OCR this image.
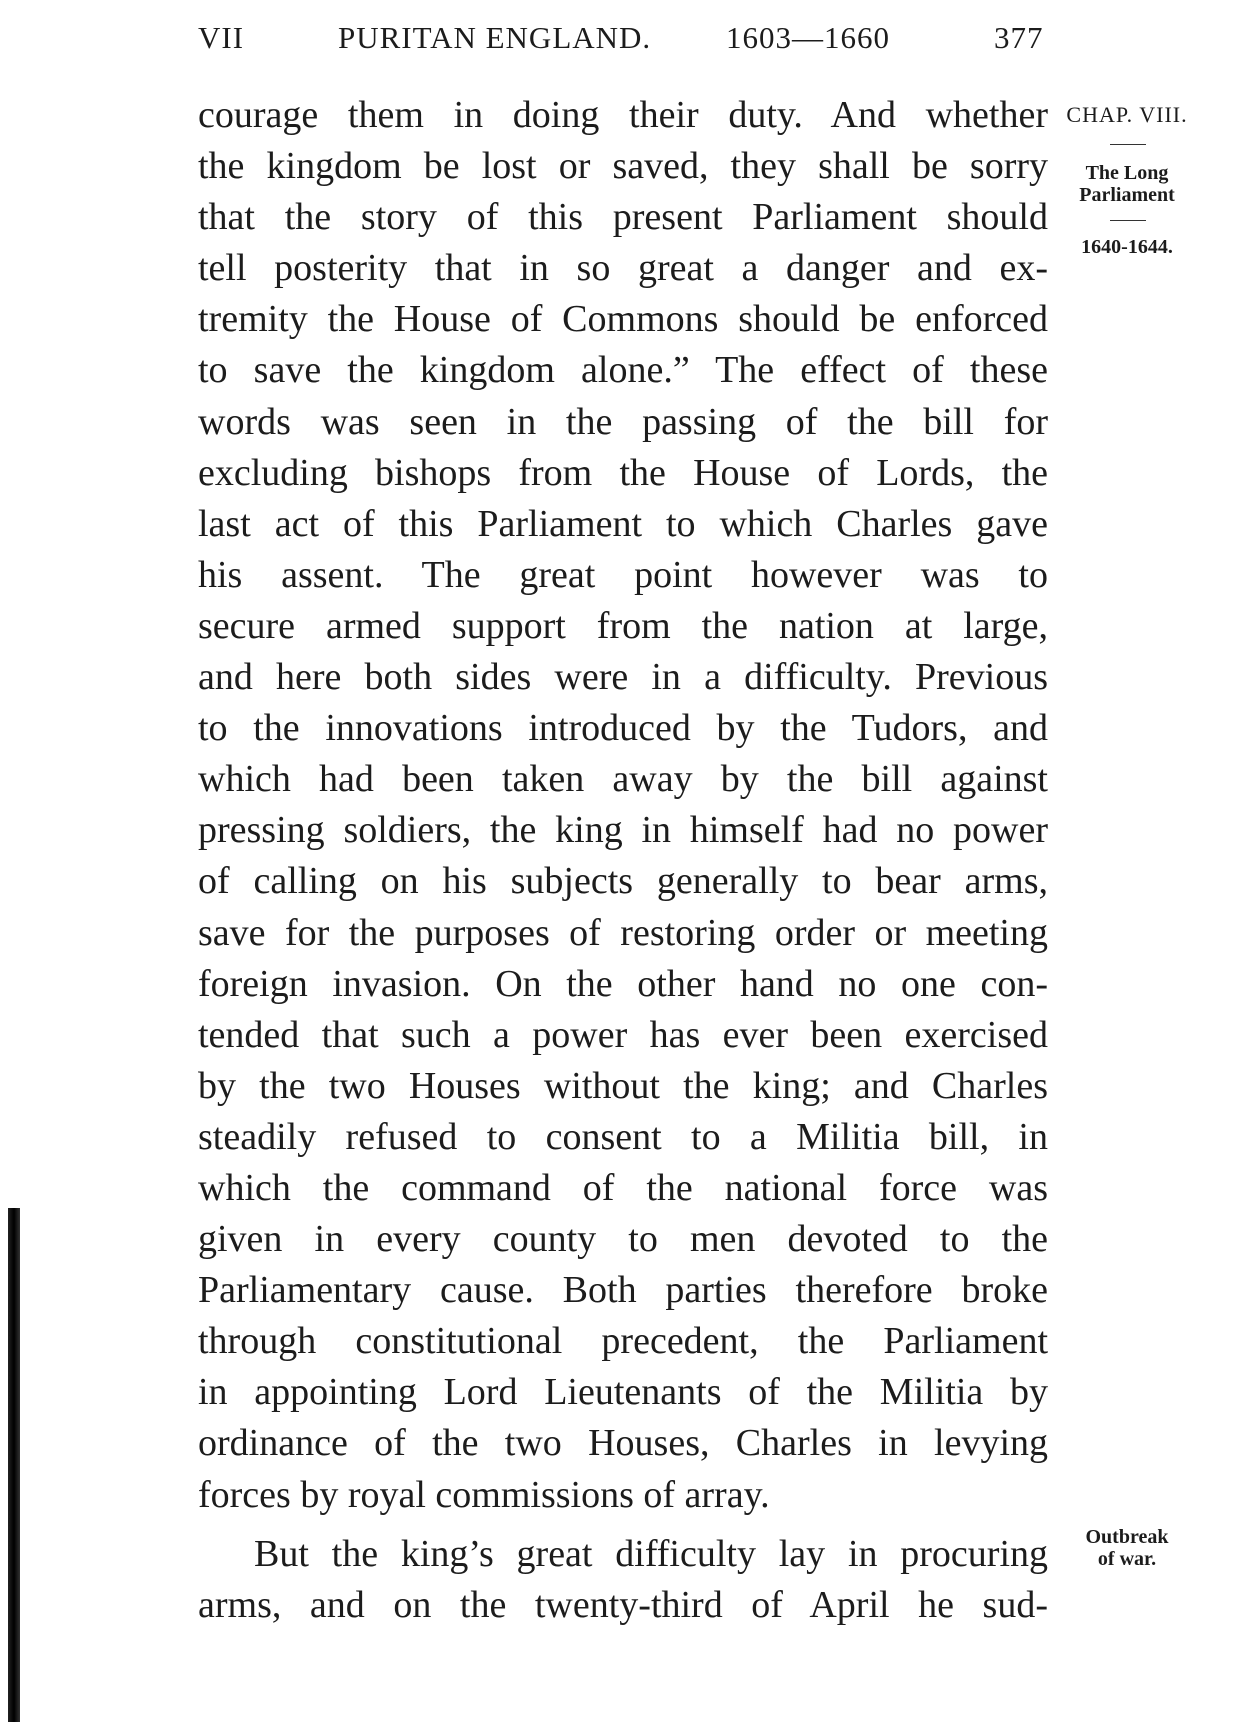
VII	PURITAN ENGLAND. 1603—1660	377
courage them in doing their duty. And whether
the kingdom be lost or saved, they shall be sorry
that the story of this present Parliament should
tell posterity that in so great a danger and ex-
tremity the House of Commons should be enforced
to save the kingdom alone.” The effect of these
words was seen in the passing of the bill for
excluding bishops from the House of Lords, the
last act of this Parliament to which Charles gave
his assent. The great point however was to
secure armed support from the nation at large,
and here both sides were in a difficulty. Previous
to the innovations introduced by the Tudors, and
which had been taken away by the bill against
pressing soldiers, the king in himself had no power
of calling on his subjects generally to bear arms,
save for the purposes of restoring order or meeting
foreign invasion. On the other hand no one con-
tended that such a power has ever been exercised
by the two Houses without the king; and Charles
steadily refused to consent to a Militia bill, in
which the command of the national force was
given in every county to men devoted to the
Parliamentary cause. Both parties therefore broke
through constitutional precedent, the Parliament
in appointing Lord Lieutenants of the Militia by
ordinance of the two Houses, Charles in levying
forces by royal commissions of array.
But the king’s great difficulty lay in procuring
arms, and on the twenty-third of April he sud-
CHAP. VIII.
The Long
Parliament
1640-1644.
Outbreak
of war.
